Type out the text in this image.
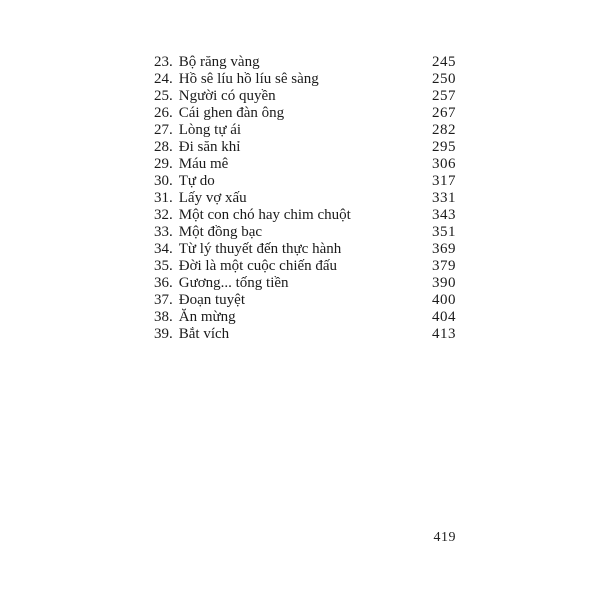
23. Bộ răng vàng	245
24. Hồ sê líu hồ líu sê sàng	250
25. Người có quyền	257
26. Cái ghen đàn ông	267
27. Lòng tự ái	282
28. Đi săn khỉ	295
29. Máu mê	306
30. Tự do	317
31. Lấy vợ xấu	331
32. Một con chó hay chim chuột	343
33. Một đồng bạc	351
34. Từ lý thuyết đến thực hành	369
35. Đời là một cuộc chiến đấu	379
36. Gương... tống tiền	390
37. Đoạn tuyệt	400
38. Ăn mừng	404
39. Bắt vích	413
419
